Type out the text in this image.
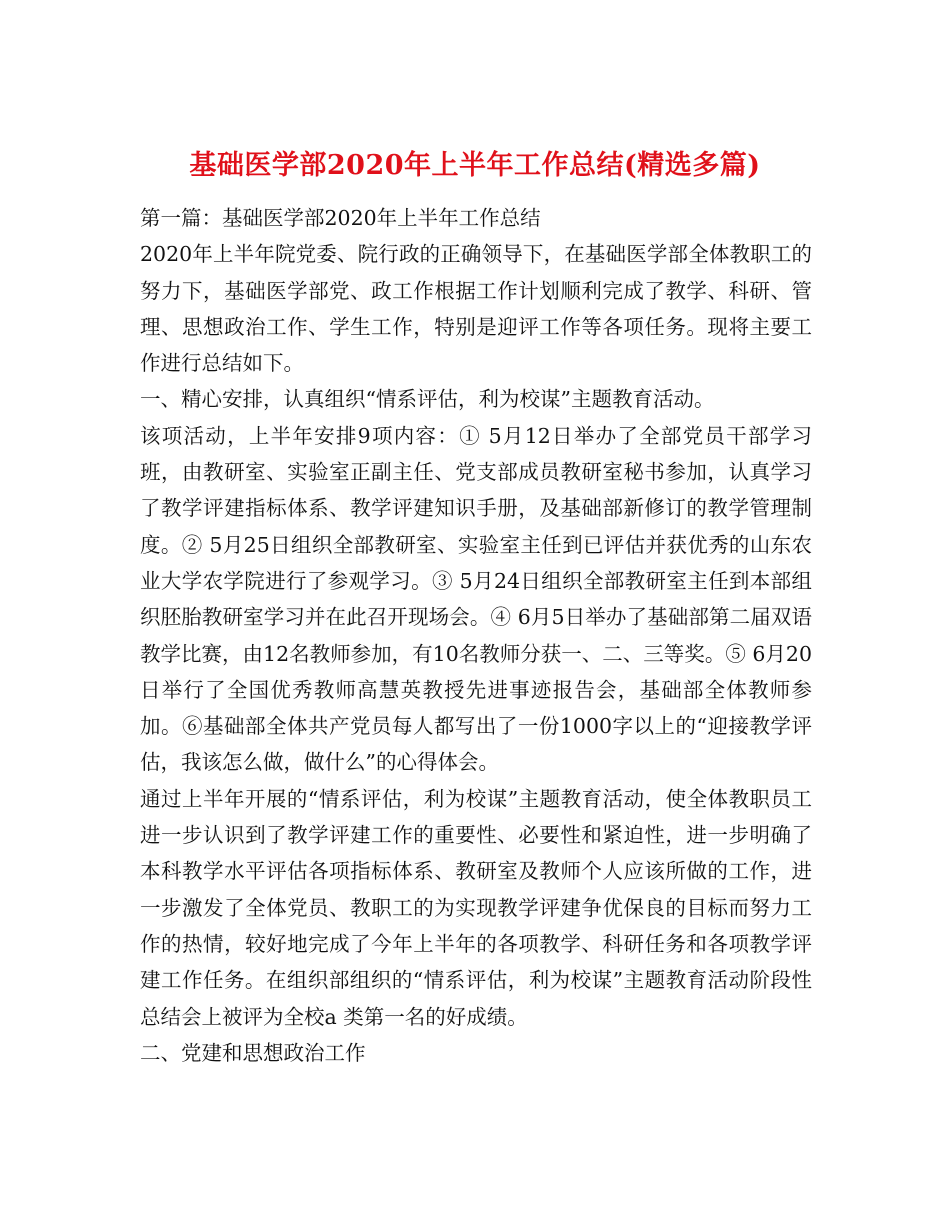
基础医学部2020年上半年工作总结(精选多篇)

第一篇：基础医学部2020年上半年工作总结

2020年上半年院党委、院行政的正确领导下，在基础医学部全体教职工的努力下，基础医学部党、政工作根据工作计划顺利完成了教学、科研、管理、思想政治工作、学生工作，特别是迎评工作等各项任务。现将主要工作进行总结如下。

一、精心安排，认真组织“情系评估，利为校谋”主题教育活动。

该项活动，上半年安排9项内容：① 5月12日举办了全部党员干部学习班，由教研室、实验室正副主任、党支部成员教研室秘书参加，认真学习了教学评建指标体系、教学评建知识手册，及基础部新修订的教学管理制度。② 5月25日组织全部教研室、实验室主任到已评估并获优秀的山东农业大学农学院进行了参观学习。③ 5月24日组织全部教研室主任到本部组织胚胎教研室学习并在此召开现场会。④ 6月5日举办了基础部第二届双语教学比赛，由12名教师参加，有10名教师分获一、二、三等奖。⑤ 6月20日举行了全国优秀教师高慧英教授先进事迹报告会，基础部全体教师参加。⑥基础部全体共产党员每人都写出了一份1000字以上的“迎接教学评估，我该怎么做，做什么”的心得体会。

通过上半年开展的“情系评估，利为校谋”主题教育活动，使全体教职员工进一步认识到了教学评建工作的重要性、必要性和紧迫性，进一步明确了本科教学水平评估各项指标体系、教研室及教师个人应该所做的工作，进一步激发了全体党员、教职工的为实现教学评建争优保良的目标而努力工作的热情，较好地完成了今年上半年的各项教学、科研任务和各项教学评建工作任务。在组织部组织的“情系评估，利为校谋”主题教育活动阶段性总结会上被评为全校a 类第一名的好成绩。

二、党建和思想政治工作
